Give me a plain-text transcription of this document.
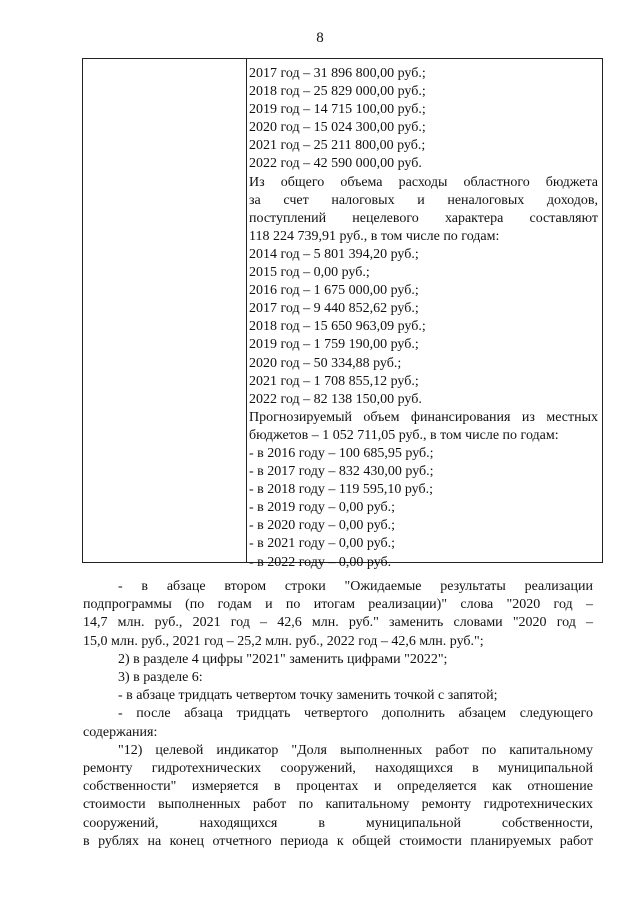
8
2017 год – 31 896 800,00 руб.;
2018 год – 25 829 000,00 руб.;
2019 год – 14 715 100,00 руб.;
2020 год – 15 024 300,00 руб.;
2021 год – 25 211 800,00 руб.;
2022 год – 42 590 000,00 руб.
Из общего объема расходы областного бюджета
за счет налоговых и неналоговых доходов,
поступлений нецелевого характера составляют
118 224 739,91 руб., в том числе по годам:
2014 год – 5 801 394,20 руб.;
2015 год – 0,00 руб.;
2016 год – 1 675 000,00 руб.;
2017 год – 9 440 852,62 руб.;
2018 год – 15 650 963,09 руб.;
2019 год – 1 759 190,00 руб.;
2020 год – 50 334,88 руб.;
2021 год – 1 708 855,12 руб.;
2022 год – 82 138 150,00 руб.
Прогнозируемый объем финансирования из местных
бюджетов – 1 052 711,05 руб., в том числе по годам:
- в 2016 году – 100 685,95 руб.;
- в 2017 году – 832 430,00 руб.;
- в 2018 году – 119 595,10 руб.;
- в 2019 году – 0,00 руб.;
- в 2020 году – 0,00 руб.;
- в 2021 году – 0,00 руб.;
- в 2022 году – 0,00 руб.
- в абзаце втором строки "Ожидаемые результаты реализации
подпрограммы (по годам и по итогам реализации)" слова "2020 год –
14,7 млн. руб., 2021 год – 42,6 млн. руб." заменить словами "2020 год –
15,0 млн. руб., 2021 год – 25,2 млн. руб., 2022 год – 42,6 млн. руб.";
2) в разделе 4 цифры "2021" заменить цифрами "2022";
3) в разделе 6:
- в абзаце тридцать четвертом точку заменить точкой с запятой;
- после абзаца тридцать четвертого дополнить абзацем следующего
содержания:
"12) целевой индикатор "Доля выполненных работ по капитальному
ремонту гидротехнических сооружений, находящихся в муниципальной
собственности" измеряется в процентах и определяется как отношение
стоимости выполненных работ по капитальному ремонту гидротехнических
сооружений, находящихся в муниципальной собственности,
в рублях на конец отчетного периода к общей стоимости планируемых работ
